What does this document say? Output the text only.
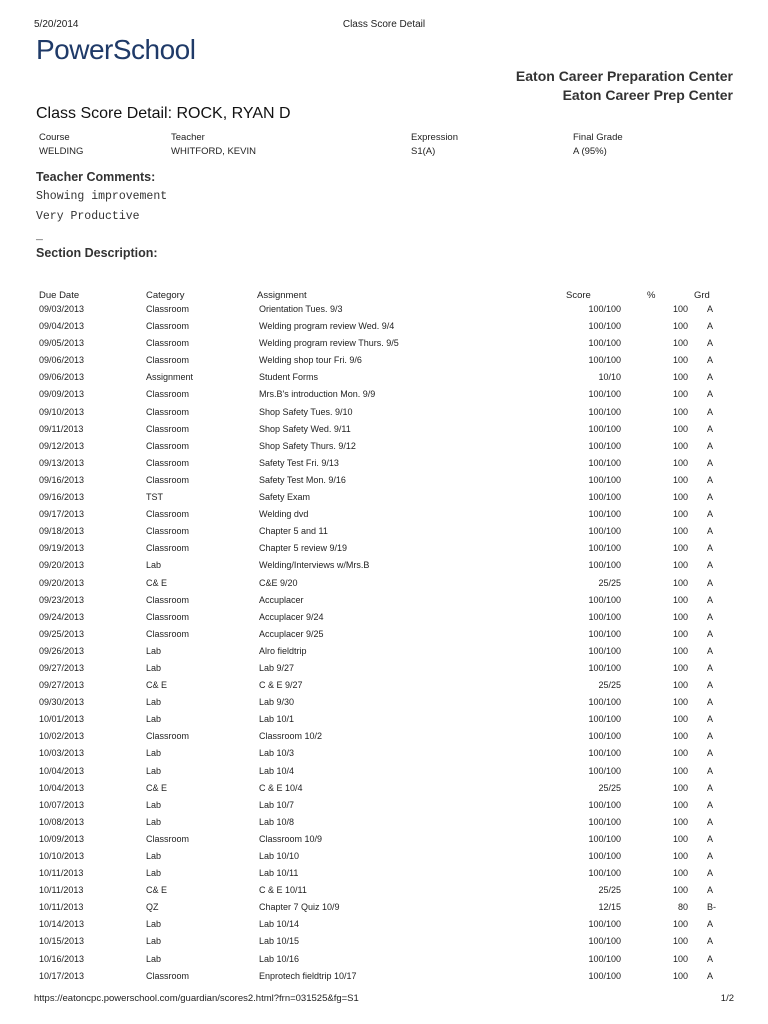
5/20/2014	Class Score Detail
PowerSchool
Eaton Career Preparation Center
Eaton Career Prep Center
Class Score Detail: ROCK, RYAN D
Course	Teacher	Expression	Final Grade
WELDING	WHITFORD, KEVIN	S1(A)	A (95%)
Teacher Comments:
Showing improvement
Very Productive
_
Section Description:
Due Date	Category	Assignment	Score	%	Grd
09/03/2013	Classroom	Orientation Tues. 9/3	100/100	100 A
09/04/2013	Classroom	Welding program review Wed. 9/4	100/100	100 A
09/05/2013	Classroom	Welding program review Thurs. 9/5	100/100	100 A
09/06/2013	Classroom	Welding shop tour Fri. 9/6	100/100	100 A
09/06/2013	Assignment	Student Forms	10/10	100 A
09/09/2013	Classroom	Mrs.B's introduction Mon. 9/9	100/100	100 A
09/10/2013	Classroom	Shop Safety Tues. 9/10	100/100	100 A
09/11/2013	Classroom	Shop Safety Wed. 9/11	100/100	100 A
09/12/2013	Classroom	Shop Safety Thurs. 9/12	100/100	100 A
09/13/2013	Classroom	Safety Test Fri. 9/13	100/100	100 A
09/16/2013	Classroom	Safety Test Mon. 9/16	100/100	100 A
09/16/2013	TST	Safety Exam	100/100	100 A
09/17/2013	Classroom	Welding dvd	100/100	100 A
09/18/2013	Classroom	Chapter 5 and 11	100/100	100 A
09/19/2013	Classroom	Chapter 5 review 9/19	100/100	100 A
09/20/2013	Lab	Welding/Interviews w/Mrs.B	100/100	100 A
09/20/2013	C& E	C&E 9/20	25/25	100 A
09/23/2013	Classroom	Accuplacer	100/100	100 A
09/24/2013	Classroom	Accuplacer 9/24	100/100	100 A
09/25/2013	Classroom	Accuplacer 9/25	100/100	100 A
09/26/2013	Lab	Alro fieldtrip	100/100	100 A
09/27/2013	Lab	Lab 9/27	100/100	100 A
09/27/2013	C& E	C & E 9/27	25/25	100 A
09/30/2013	Lab	Lab 9/30	100/100	100 A
10/01/2013	Lab	Lab 10/1	100/100	100 A
10/02/2013	Classroom	Classroom 10/2	100/100	100 A
10/03/2013	Lab	Lab 10/3	100/100	100 A
10/04/2013	Lab	Lab 10/4	100/100	100 A
10/04/2013	C& E	C & E 10/4	25/25	100 A
10/07/2013	Lab	Lab 10/7	100/100	100 A
10/08/2013	Lab	Lab 10/8	100/100	100 A
10/09/2013	Classroom	Classroom 10/9	100/100	100 A
10/10/2013	Lab	Lab 10/10	100/100	100 A
10/11/2013	Lab	Lab 10/11	100/100	100 A
10/11/2013	C& E	C & E 10/11	25/25	100 A
10/11/2013	QZ	Chapter 7 Quiz 10/9	12/15	80 B-
10/14/2013	Lab	Lab 10/14	100/100	100 A
10/15/2013	Lab	Lab 10/15	100/100	100 A
10/16/2013	Lab	Lab 10/16	100/100	100 A
10/17/2013	Classroom	Enprotech fieldtrip 10/17	100/100	100 A
https://eatoncpc.powerschool.com/guardian/scores2.html?frn=031525&fg=S1	1/2
